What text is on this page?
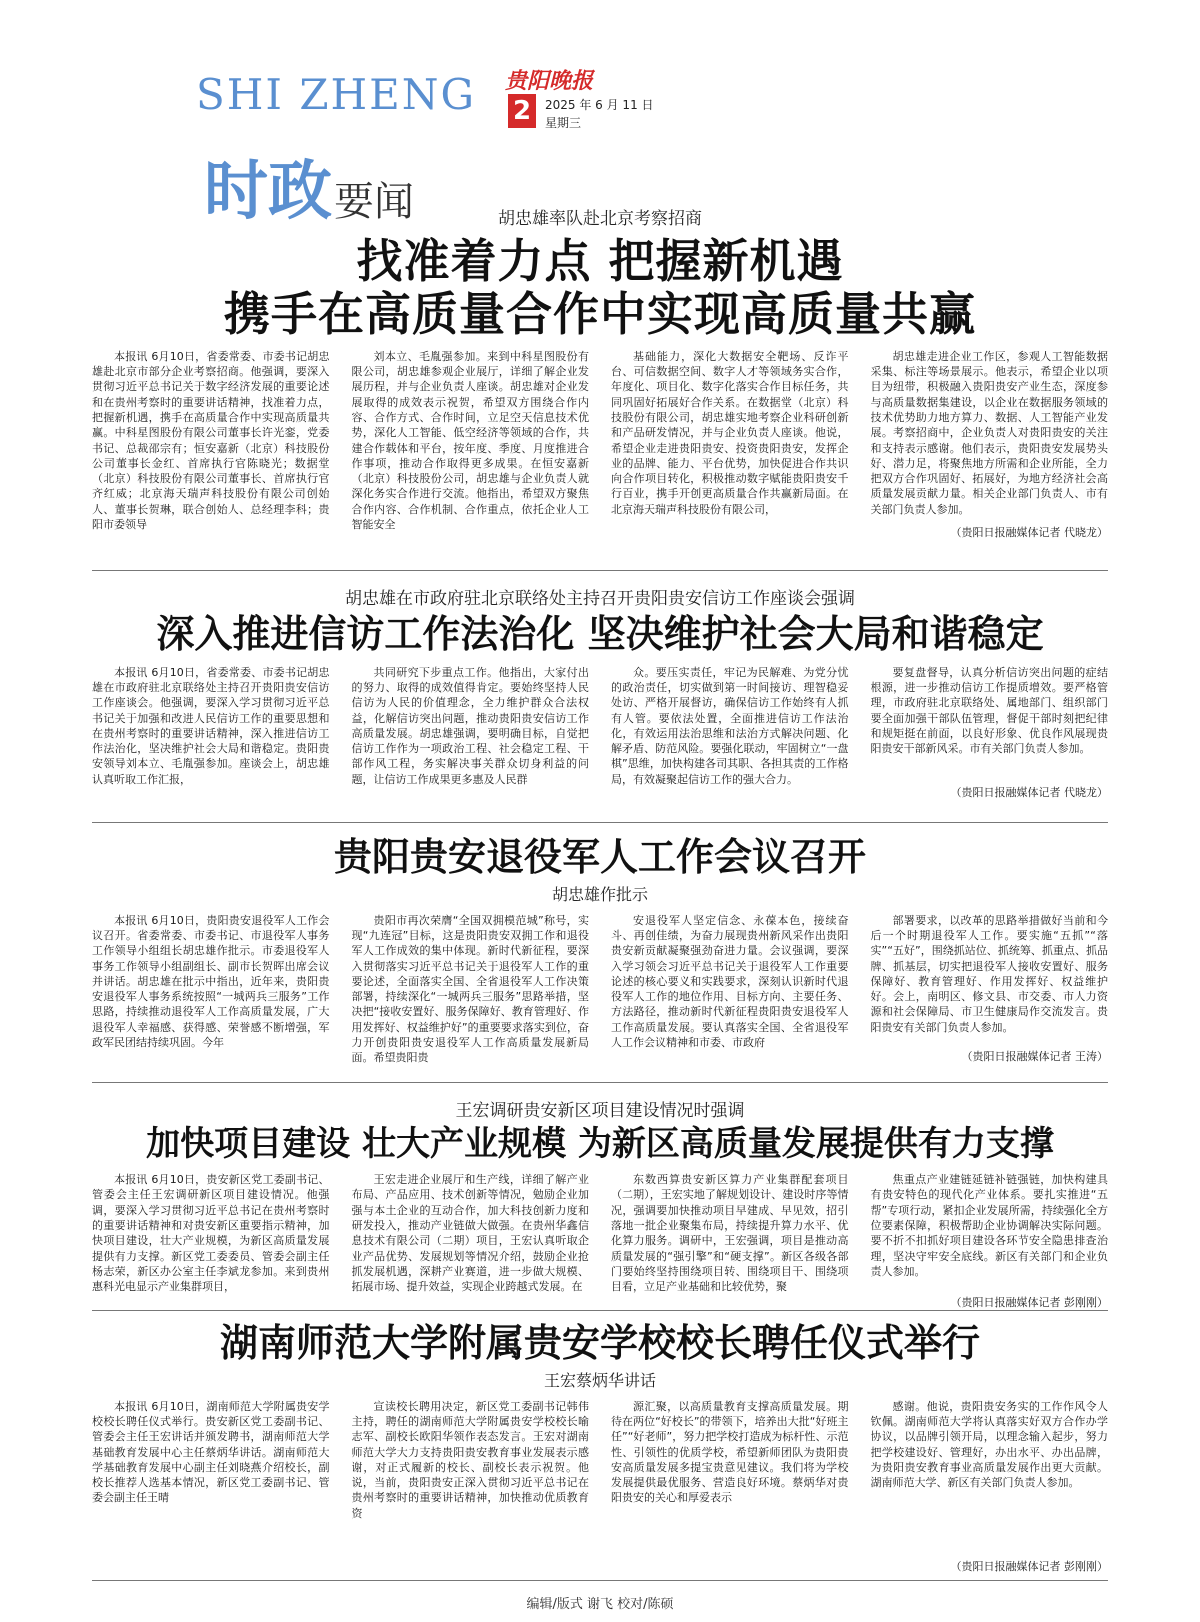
SHI ZHENG
时政 要闻
贵阳晚报
2	2025 年 6 月 11 日
星期三
胡忠雄率队赴北京考察招商
找准着力点 把握新机遇
携手在高质量合作中实现高质量共赢
本报讯 6月10日，省委常委、市委书记胡忠雄赴北京市部分企业考察招商。他强调，要深入贯彻习近平总书记关于数字经济发展的重要论述和在贵州考察时的重要讲话精神，找准着力点，把握新机遇，携手在高质量合作中实现高质量共赢。中科星图股份有限公司董事长许光銮，党委书记、总裁邵宗有；恒安嘉新（北京）科技股份公司董事长金红、首席执行官陈晓光；数据堂（北京）科技股份有限公司董事长、首席执行官齐红威；北京海天瑞声科技股份有限公司创始人、董事长贺琳，联合创始人、总经理李科；贵阳市委领导
刘本立、毛胤强参加。来到中科星图股份有限公司，胡忠雄参观企业展厅，详细了解企业发展历程，并与企业负责人座谈。胡忠雄对企业发展取得的成效表示祝贺，希望双方围绕合作内容、合作方式、合作时间，立足空天信息技术优势，深化人工智能、低空经济等领域的合作，共建合作载体和平台，按年度、季度、月度推进合作事项，推动合作取得更多成果。在恒安嘉新（北京）科技股份公司，胡忠雄与企业负责人就深化务实合作进行交流。他指出，希望双方聚焦合作内容、合作机制、合作重点，依托企业人工智能安全
基础能力，深化大数据安全靶场、反诈平台、可信数据空间、数字人才等领域务实合作，年度化、项目化、数字化落实合作目标任务，共同巩固好拓展好合作关系。在数据堂（北京）科技股份有限公司，胡忠雄实地考察企业科研创新和产品研发情况，并与企业负责人座谈。他说，希望企业走进贵阳贵安、投资贵阳贵安，发挥企业的品牌、能力、平台优势，加快促进合作共识向合作项目转化，积极推动数字赋能贵阳贵安千行百业，携手开创更高质量合作共赢新局面。在北京海天瑞声科技股份有限公司，
胡忠雄走进企业工作区，参观人工智能数据采集、标注等场景展示。他表示，希望企业以项目为纽带，积极融入贵阳贵安产业生态，深度参与高质量数据集建设，以企业在数据服务领域的技术优势助力地方算力、数据、人工智能产业发展。考察招商中，企业负责人对贵阳贵安的关注和支持表示感谢。他们表示，贵阳贵安发展势头好、潜力足，将聚焦地方所需和企业所能，全力把双方合作巩固好、拓展好，为地方经济社会高质量发展贡献力量。相关企业部门负责人、市有关部门负责人参加。
（贵阳日报融媒体记者 代晓龙）
胡忠雄在市政府驻北京联络处主持召开贵阳贵安信访工作座谈会强调
深入推进信访工作法治化 坚决维护社会大局和谐稳定
本报讯 6月10日，省委常委、市委书记胡忠雄在市政府驻北京联络处主持召开贵阳贵安信访工作座谈会。他强调，要深入学习贯彻习近平总书记关于加强和改进人民信访工作的重要思想和在贵州考察时的重要讲话精神，深入推进信访工作法治化，坚决维护社会大局和谐稳定。贵阳贵安领导刘本立、毛胤强参加。座谈会上，胡忠雄认真听取工作汇报，
共同研究下步重点工作。他指出，大家付出的努力、取得的成效值得肯定。要始终坚持人民信访为人民的价值理念，全力维护群众合法权益，化解信访突出问题，推动贵阳贵安信访工作高质量发展。胡忠雄强调，要明确目标，自觉把信访工作作为一项政治工程、社会稳定工程、干部作风工程，务实解决事关群众切身利益的问题，让信访工作成果更多惠及人民群
众。要压实责任，牢记为民解难、为党分忧的政治责任，切实做到第一时间接访、理智稳妥处访、严格开展督访，确保信访工作始终有人抓有人管。要依法处置，全面推进信访工作法治化，有效运用法治思维和法治方式解决问题、化解矛盾、防范风险。要强化联动，牢固树立“一盘棋”思维，加快构建各司其职、各担其责的工作格局，有效凝聚起信访工作的强大合力。
要复盘督导，认真分析信访突出问题的症结根源，进一步推动信访工作提质增效。要严格管理，市政府驻北京联络处、属地部门、组织部门要全面加强干部队伍管理，督促干部时刻把纪律和规矩挺在前面，以良好形象、优良作风展现贵阳贵安干部新风采。市有关部门负责人参加。
（贵阳日报融媒体记者 代晓龙）
贵阳贵安退役军人工作会议召开
胡忠雄作批示
本报讯 6月10日，贵阳贵安退役军人工作会议召开。省委常委、市委书记、市退役军人事务工作领导小组组长胡忠雄作批示。市委退役军人事务工作领导小组副组长、副市长贺晖出席会议并讲话。胡忠雄在批示中指出，近年来，贵阳贵安退役军人事务系统按照“一城两兵三服务”工作思路，持续推动退役军人工作高质量发展，广大退役军人幸福感、获得感、荣誉感不断增强，军政军民团结持续巩固。今年
贵阳市再次荣膺“全国双拥模范城”称号，实现“九连冠”目标，这是贵阳贵安双拥工作和退役军人工作成效的集中体现。新时代新征程，要深入贯彻落实习近平总书记关于退役军人工作的重要论述，全面落实全国、全省退役军人工作决策部署，持续深化“一城两兵三服务”思路举措，坚决把“接收安置好、服务保障好、教育管理好、作用发挥好、权益维护好”的重要要求落实到位，奋力开创贵阳贵安退役军人工作高质量发展新局面。希望贵阳贵
安退役军人坚定信念、永葆本色，接续奋斗、再创佳绩，为奋力展现贵州新风采作出贵阳贵安新贡献凝聚强劲奋进力量。会议强调，要深入学习领会习近平总书记关于退役军人工作重要论述的核心要义和实践要求，深刻认识新时代退役军人工作的地位作用、目标方向、主要任务、方法路径，推动新时代新征程贵阳贵安退役军人工作高质量发展。要认真落实全国、全省退役军人工作会议精神和市委、市政府
部署要求，以改革的思路举措做好当前和今后一个时期退役军人工作。要实施“五抓”“落实”“五好”，围绕抓站位、抓统筹、抓重点、抓品牌、抓基层，切实把退役军人接收安置好、服务保障好、教育管理好、作用发挥好、权益维护好。会上，南明区、修文县、市交委、市人力资源和社会保障局、市卫生健康局作交流发言。贵阳贵安有关部门负责人参加。
（贵阳日报融媒体记者 王涛）
王宏调研贵安新区项目建设情况时强调
加快项目建设 壮大产业规模 为新区高质量发展提供有力支撑
本报讯 6月10日，贵安新区党工委副书记、管委会主任王宏调研新区项目建设情况。他强调，要深入学习贯彻习近平总书记在贵州考察时的重要讲话精神和对贵安新区重要指示精神，加快项目建设，壮大产业规模，为新区高质量发展提供有力支撑。新区党工委委员、管委会副主任杨志荣，新区办公室主任李斌龙参加。来到贵州惠科光电显示产业集群项目，
王宏走进企业展厅和生产线，详细了解产业布局、产品应用、技术创新等情况，勉励企业加强与本土企业的互动合作，加大科技创新力度和研发投入，推动产业链做大做强。在贵州华鑫信息技术有限公司（二期）项目，王宏认真听取企业产品优势、发展规划等情况介绍，鼓励企业抢抓发展机遇，深耕产业赛道，进一步做大规模、拓展市场、提升效益，实现企业跨越式发展。在
东数西算贵安新区算力产业集群配套项目（二期），王宏实地了解规划设计、建设时序等情况，强调要加快推动项目早建成、早见效，招引落地一批企业聚集布局，持续提升算力水平、优化算力服务。调研中，王宏强调，项目是推动高质量发展的“强引擎”和“硬支撑”。新区各级各部门要始终坚持围绕项目转、围绕项目干、围绕项目看，立足产业基础和比较优势，聚
焦重点产业建链延链补链强链，加快构建具有贵安特色的现代化产业体系。要扎实推进“五帮”专项行动，紧扣企业发展所需，持续强化全方位要素保障，积极帮助企业协调解决实际问题。要不折不扣抓好项目建设各环节安全隐患排查治理，坚决守牢安全底线。新区有关部门和企业负责人参加。
（贵阳日报融媒体记者 彭刚刚）
湖南师范大学附属贵安学校校长聘任仪式举行
王宏蔡炳华讲话
本报讯 6月10日，湖南师范大学附属贵安学校校长聘任仪式举行。贵安新区党工委副书记、管委会主任王宏讲话并颁发聘书，湖南师范大学基础教育发展中心主任蔡炳华讲话。湖南师范大学基础教育发展中心副主任刘晓燕介绍校长，副校长推荐人选基本情况，新区党工委副书记、管委会副主任王晴
宣读校长聘用决定，新区党工委副书记韩伟主持，聘任的湖南师范大学附属贵安学校校长喻志军、副校长欧阳华领作表态发言。王宏对湖南师范大学大力支持贵阳贵安教育事业发展表示感谢，对正式履新的校长、副校长表示祝贺。他说，当前，贵阳贵安正深入贯彻习近平总书记在贵州考察时的重要讲话精神，加快推动优质教育资
源汇聚，以高质量教育支撑高质量发展。期待在两位“好校长”的带领下，培养出大批“好班主任”“好老师”，努力把学校打造成为标杆性、示范性、引领性的优质学校，希望新师团队为贵阳贵安高质量发展多提宝贵意见建议。我们将为学校发展提供最优服务、营造良好环境。蔡炳华对贵阳贵安的关心和厚爱表示
感谢。他说，贵阳贵安务实的工作作风令人钦佩。湖南师范大学将认真落实好双方合作办学协议，以品牌引领开局，以理念输入起步，努力把学校建设好、管理好，办出水平、办出品牌，为贵阳贵安教育事业高质量发展作出更大贡献。湖南师范大学、新区有关部门负责人参加。
（贵阳日报融媒体记者 彭刚刚）
编辑/版式 谢飞 校对/陈硕
